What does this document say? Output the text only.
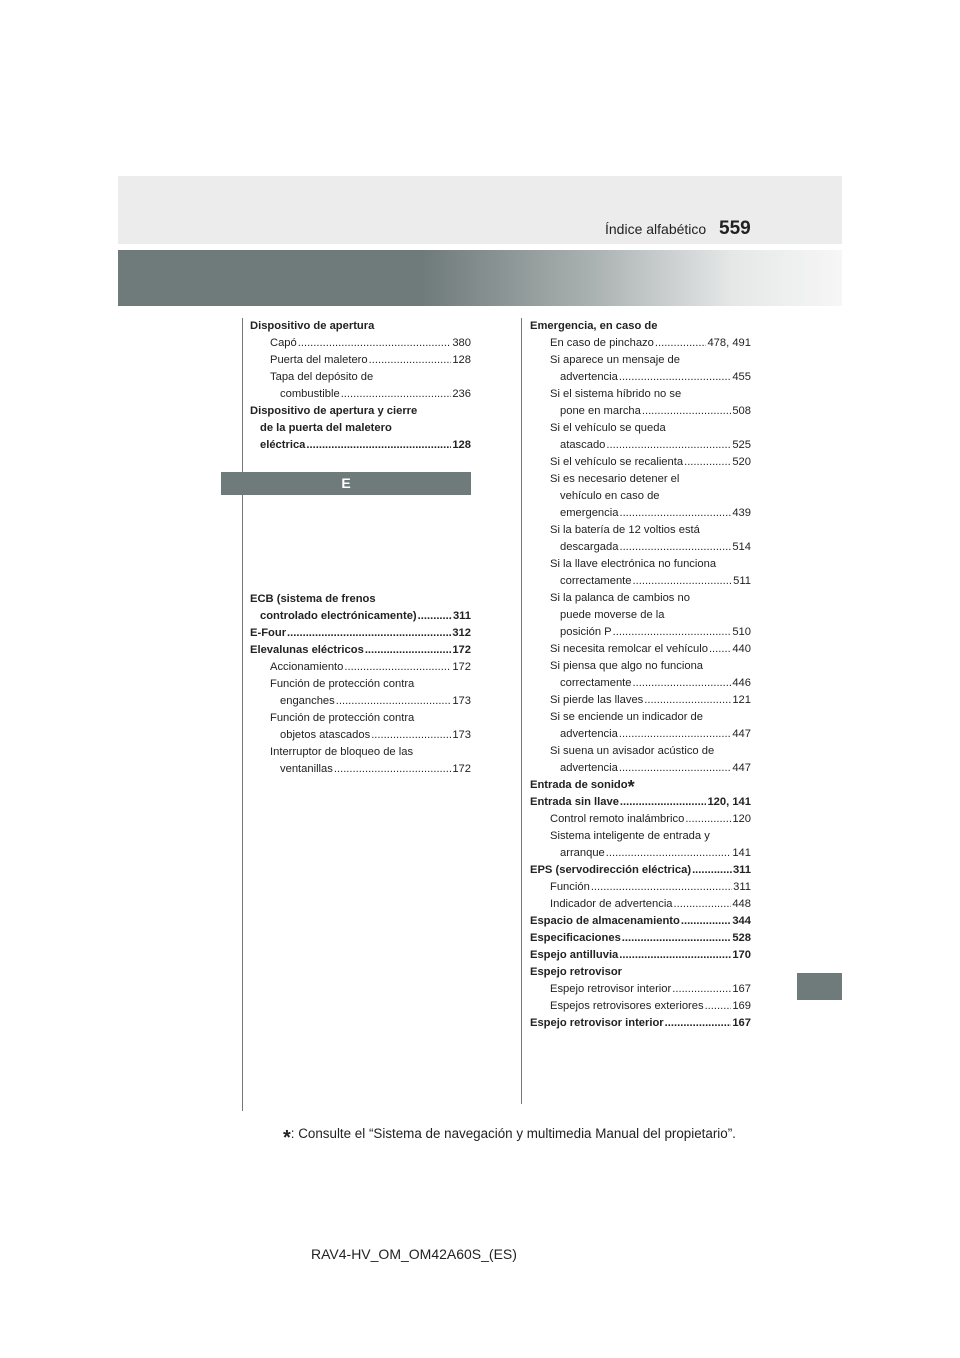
Índice alfabético 559
Dispositivo de apertura
Capó .....	380
Puerta del maletero .....	128
Tapa del depósito de
combustible .....	236
Dispositivo de apertura y cierre
de la puerta del maletero
eléctrica .....	128
ECB (sistema de frenos
controlado electrónicamente) .....	311
E-Four .....	312
Elevalunas eléctricos .....	172
Accionamiento .....	172
Función de protección contra
enganches .....	173
Función de protección contra
objetos atascados .....	173
Interruptor de bloqueo de las
ventanillas .....	172
E
Emergencia, en caso de
En caso de pinchazo .....	478, 491
Si aparece un mensaje de
advertencia .....	455
Si el sistema híbrido no se
pone en marcha .....	508
Si el vehículo se queda
atascado .....	525
Si el vehículo se recalienta .....	520
Si es necesario detener el
vehículo en caso de
emergencia .....	439
Si la batería de 12 voltios está
descargada .....	514
Si la llave electrónica no funciona
correctamente .....	511
Si la palanca de cambios no
puede moverse de la
posición P .....	510
Si necesita remolcar el vehículo ..... 440
Si piensa que algo no funciona
correctamente .....	446
Si pierde las llaves .....	121
Si se enciende un indicador de
advertencia .....	447
Si suena un avisador acústico de
advertencia .....	447
Entrada de sonido*
Entrada sin llave .....	120, 141
Control remoto inalámbrico .....	120
Sistema inteligente de entrada y
arranque .....	141
EPS (servodirección eléctrica) .....	311
Función .....	311
Indicador de advertencia .....	448
Espacio de almacenamiento .....	344
Especificaciones .....	528
Espejo antilluvia .....	170
Espejo retrovisor
Espejo retrovisor interior .....	167
Espejos retrovisores exteriores .....	169
Espejo retrovisor interior .....	167
*: Consulte el “Sistema de navegación y multimedia Manual del propietario”.
RAV4-HV_OM_OM42A60S_(ES)
